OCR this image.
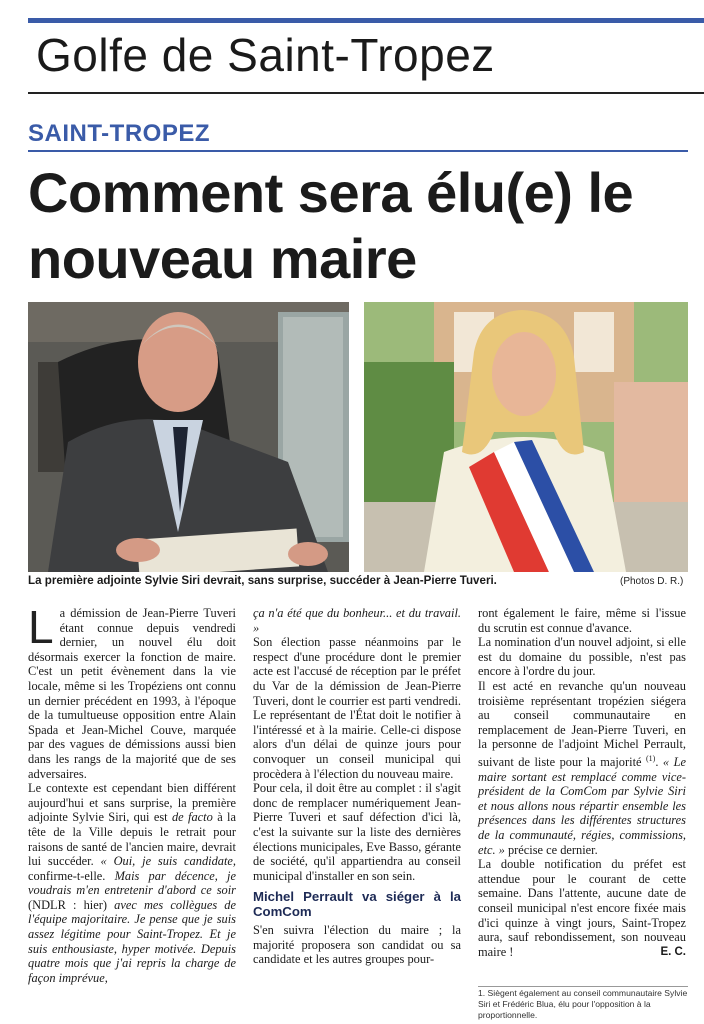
Golfe de Saint-Tropez
SAINT-TROPEZ
Comment sera élu(e) le nouveau maire
La première adjointe Sylvie Siri devrait, sans surprise, succéder à Jean-Pierre Tuveri.	(Photos D. R.)

La démission de Jean-Pierre Tuveri étant connue depuis vendredi dernier, un nouvel élu doit désormais exercer la fonction de maire. C'est un petit évènement dans la vie locale, même si les Tropéziens ont connu un dernier précédent en 1993, à l'époque de la tumultueuse opposition entre Alain Spada et Jean-Michel Couve, marquée par des vagues de démissions aussi bien dans les rangs de la majorité que de ses adversaires.

Le contexte est cependant bien différent aujourd'hui et sans surprise, la première adjointe Sylvie Siri, qui est de facto à la tête de la Ville depuis le retrait pour raisons de santé de l'ancien maire, devrait lui succéder. « Oui, je suis candidate, confirme-t-elle. Mais par décence, je voudrais m'en entretenir d'abord ce soir (NDLR : hier) avec mes collègues de l'équipe majoritaire. Je pense que je suis assez légitime pour Saint-Tropez. Et je suis enthousiaste, hyper motivée. Depuis quatre mois que j'ai repris la charge de façon imprévue,

ça n'a été que du bonheur... et du travail. »

Son élection passe néanmoins par le respect d'une procédure dont le premier acte est l'accusé de réception par le préfet du Var de la démission de Jean-Pierre Tuveri, dont le courrier est parti vendredi. Le représentant de l'État doit le notifier à l'intéressé et à la mairie. Celle-ci dispose alors d'un délai de quinze jours pour convoquer un conseil municipal qui procèdera à l'élection du nouveau maire.

Pour cela, il doit être au complet : il s'agit donc de remplacer numériquement Jean-Pierre Tuveri et sauf défection d'ici là, c'est la suivante sur la liste des dernières élections municipales, Eve Basso, gérante de société, qu'il appartiendra au conseil municipal d'installer en son sein.

Michel Perrault va siéger à la ComCom

S'en suivra l'élection du maire ; la majorité proposera son candidat ou sa candidate et les autres groupes pour-

ront également le faire, même si l'issue du scrutin est connue d'avance.

La nomination d'un nouvel adjoint, si elle est du domaine du possible, n'est pas encore à l'ordre du jour.

Il est acté en revanche qu'un nouveau troisième représentant tropézien siégera au conseil communautaire en remplacement de Jean-Pierre Tuveri, en la personne de l'adjoint Michel Perrault, suivant de liste pour la majorité $^{(1)}$. « Le maire sortant est remplacé comme vice-président de la ComCom par Sylvie Siri et nous allons nous répartir ensemble les présences dans les différentes structures de la communauté, régies, commissions, etc. » précise ce dernier.

La double notification du préfet est attendue pour le courant de cette semaine. Dans l'attente, aucune date de conseil municipal n'est encore fixée mais d'ici quinze à vingt jours, Saint-Tropez aura, sauf rebondissement, son nouveau maire !	E. C.
1. Siègent également au conseil communautaire Sylvie Siri et Frédéric Blua, élu pour l'opposition à la proportionnelle.
